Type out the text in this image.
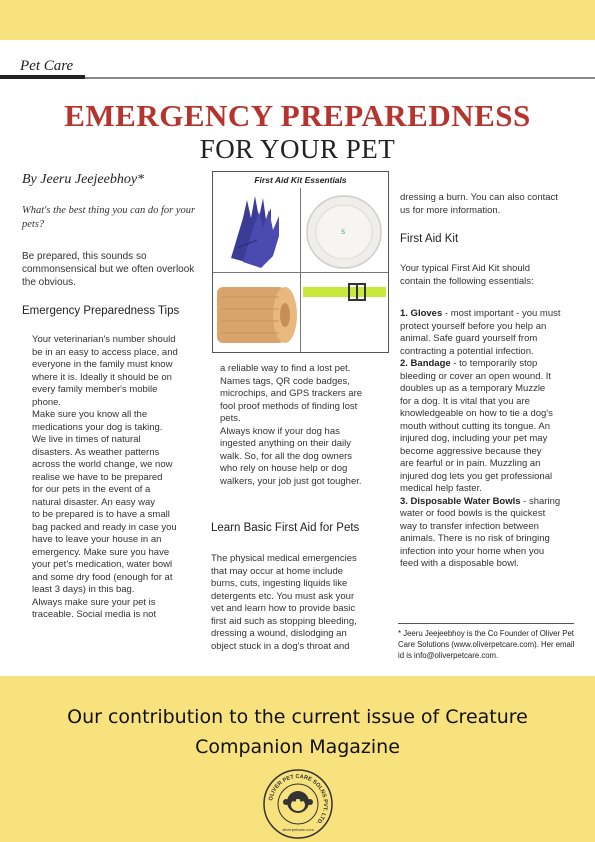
Pet Care
EMERGENCY PREPAREDNESS
FOR YOUR PET
By Jeeru Jeejeebhoy*
What's the best thing you can do for your pets?
Be prepared, this sounds so commonsensical but we often overlook the obvious.
Emergency Preparedness Tips
Your veterinarian's number should
be in an easy to access place, and
everyone in the family must know
where it is. Ideally it should be on
every family member's mobile
phone.
Make sure you know all the
medications your dog is taking.
We live in times of natural
disasters. As weather patterns
across the world change, we now
realise we have to be prepared
for our pets in the event of a
natural disaster. An easy way
to be prepared is to have a small
bag packed and ready in case you
have to leave your house in an
emergency. Make sure you have
your pet's medication, water bowl
and some dry food (enough for at
least 3 days) in this bag.
Always make sure your pet is
traceable. Social media is not
First Aid Kit Essentials
S
a reliable way to find a lost pet.
Names tags, QR code badges,
microchips, and GPS trackers are
fool proof methods of finding lost
pets.
Always know if your dog has
ingested anything on their daily
walk. So, for all the dog owners
who rely on house help or dog
walkers, your job just got tougher.
Learn Basic First Aid for Pets
The physical medical emergencies
that may occur at home include
burns, cuts, ingesting liquids like
detergents etc. You must ask your
vet and learn how to provide basic
first aid such as stopping bleeding,
dressing a wound, dislodging an
object stuck in a dog's throat and
dressing a burn. You can also contact
us for more information.
First Aid Kit
Your typical First Aid Kit should
contain the following essentials:
1. Gloves - most important - you must
protect yourself before you help an
animal. Safe guard yourself from
contracting a potential infection.
2. Bandage - to temporarily stop
bleeding or cover an open wound. It
doubles up as a temporary Muzzle
for a dog. It is vital that you are
knowledgeable on how to tie a dog's
mouth without cutting its tongue. An
injured dog, including your pet may
become aggressive because they
are fearful or in pain. Muzzling an
injured dog lets you get professional
medical help faster.
3. Disposable Water Bowls - sharing
water or food bowls is the quickest
way to transfer infection between
animals. There is no risk of bringing
infection into your home when you
feed with a disposable bowl.
* Jeeru Jeejeebhoy is the Co Founder of Oliver Pet
Care Solutions (www.oliverpetcare.com). Her email
id is info@oliverpetcare.com.
Our contribution to the current issue of Creature
Companion Magazine
OLIVER PET CARE SOLNS PVT. LTD.
oliverpetcare.com
